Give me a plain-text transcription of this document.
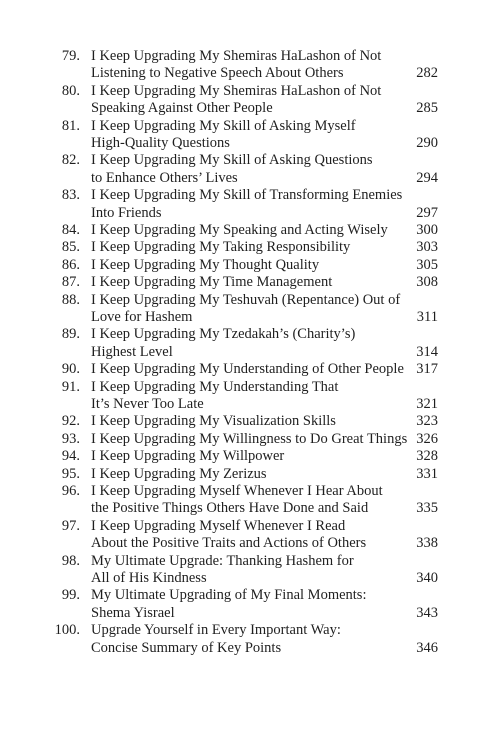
79. I Keep Upgrading My Shemiras HaLashon of Not
Listening to Negative Speech About Others	282
80. I Keep Upgrading My Shemiras HaLashon of Not
Speaking Against Other People	285
81. I Keep Upgrading My Skill of Asking Myself
High-Quality Questions	290
82. I Keep Upgrading My Skill of Asking Questions
to Enhance Others’ Lives	294
83. I Keep Upgrading My Skill of Transforming Enemies
Into Friends	297
84. I Keep Upgrading My Speaking and Acting Wisely	300
85. I Keep Upgrading My Taking Responsibility	303
86. I Keep Upgrading My Thought Quality	305
87. I Keep Upgrading My Time Management	308
88. I Keep Upgrading My Teshuvah (Repentance) Out of
Love for Hashem	311
89. I Keep Upgrading My Tzedakah’s (Charity’s)
Highest Level	314
90. I Keep Upgrading My Understanding of Other People 317
91. I Keep Upgrading My Understanding That
It’s Never Too Late	321
92. I Keep Upgrading My Visualization Skills	323
93. I Keep Upgrading My Willingness to Do Great Things 326
94. I Keep Upgrading My Willpower	328
95. I Keep Upgrading My Zerizus	331
96. I Keep Upgrading Myself Whenever I Hear About
the Positive Things Others Have Done and Said	335
97. I Keep Upgrading Myself Whenever I Read
About the Positive Traits and Actions of Others	338
98. My Ultimate Upgrade: Thanking Hashem for
All of His Kindness	340
99. My Ultimate Upgrading of My Final Moments:
Shema Yisrael	343
100. Upgrade Yourself in Every Important Way:
Concise Summary of Key Points	346
